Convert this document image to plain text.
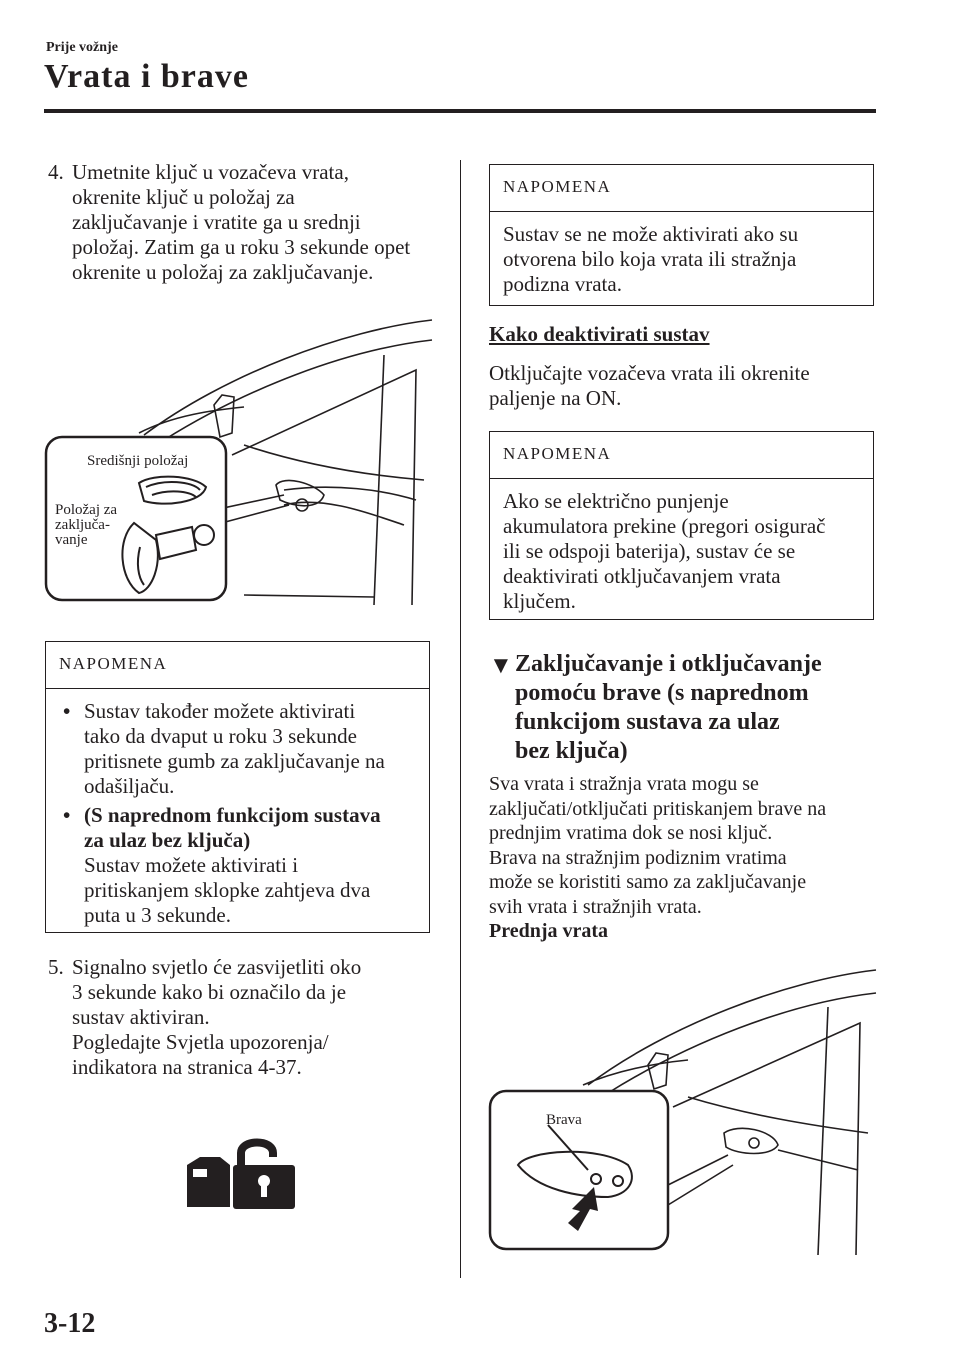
Prije vožnje
Vrata i brave
4. Umetnite ključ u vozačeva vrata,
okrenite ključ u položaj za
zaključavanje i vratite ga u srednji
položaj. Zatim ga u roku 3 sekunde opet
okrenite u položaj za zaključavanje.
Središnji položaj
Položaj za
zaključa-
vanje
NAPOMENA
• Sustav također možete aktivirati
tako da dvaput u roku 3 sekunde
pritisnete gumb za zaključavanje na
odašiljaču.
• (S naprednom funkcijom sustava
za ulaz bez ključa)
Sustav možete aktivirati i
pritiskanjem sklopke zahtjeva dva
puta u 3 sekunde.
5. Signalno svjetlo će zasvijetliti oko
3 sekunde kako bi označilo da je
sustav aktiviran.
Pogledajte Svjetla upozorenja/
indikatora na stranica 4-37.
NAPOMENA
Sustav se ne može aktivirati ako su
otvorena bilo koja vrata ili stražnja
podizna vrata.
Kako deaktivirati sustav
Otključajte vozačeva vrata ili okrenite
paljenje na ON.
NAPOMENA
Ako se električno punjenje
akumulatora prekine (pregori osigurač
ili se odspoji baterija), sustav će se
deaktivirati otključavanjem vrata
ključem.
▼ Zaključavanje i otključavanje
pomoću brave (s naprednom
funkcijom sustava za ulaz
bez ključa)
Sva vrata i stražnja vrata mogu se
zaključati/otključati pritiskanjem brave na
prednjim vratima dok se nosi ključ.
Brava na stražnjim podiznim vratima
može se koristiti samo za zaključavanje
svih vrata i stražnjih vrata.
Prednja vrata
Brava
3-12
